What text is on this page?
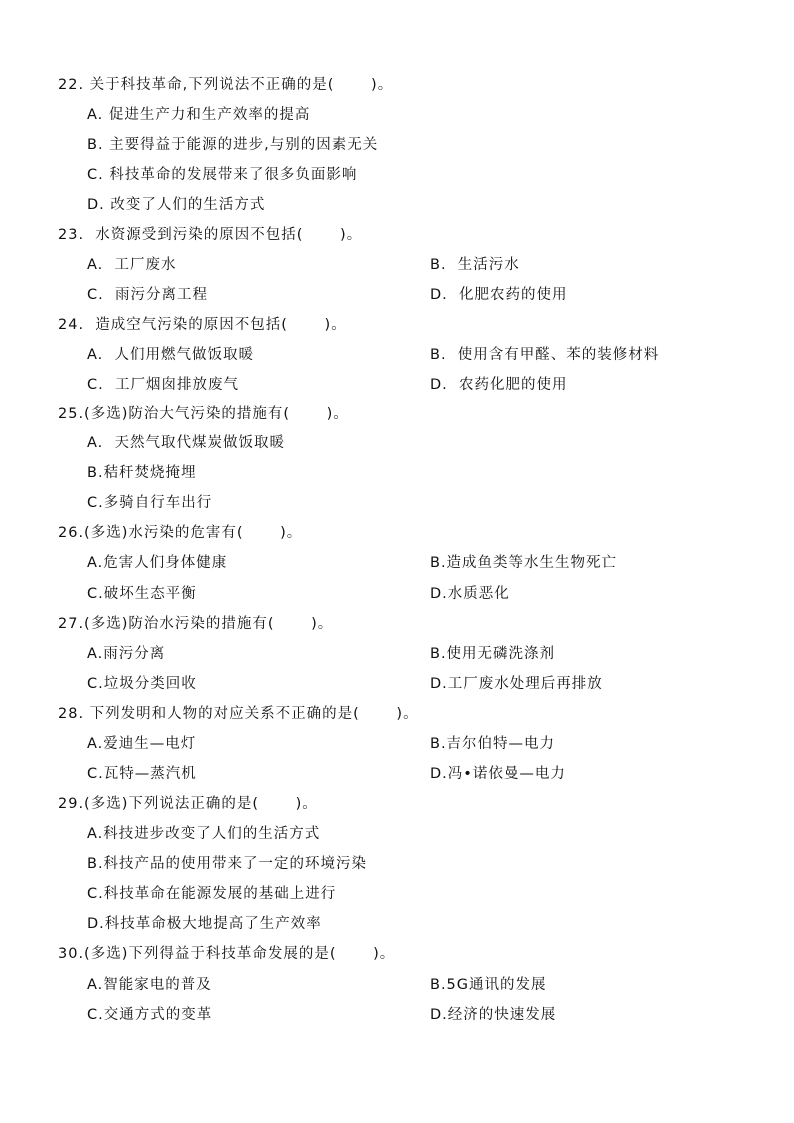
22. 关于科技革命,下列说法不正确的是(　　 )。
A. 促进生产力和生产效率的提高
B. 主要得益于能源的进步,与别的因素无关
C. 科技革命的发展带来了很多负面影响
D. 改变了人们的生活方式
23.  水资源受到污染的原因不包括(　　 )。
A.  工厂废水	B.  生活污水
C.  雨污分离工程	D.  化肥农药的使用
24.  造成空气污染的原因不包括(　　 )。
A.  人们用燃气做饭取暖	B.  使用含有甲醛、苯的装修材料
C.  工厂烟囱排放废气	D.  农药化肥的使用
25.(多选)防治大气污染的措施有(　　 )。
A.  天然气取代煤炭做饭取暖
B.秸秆焚烧掩埋
C.多骑自行车出行
26.(多选)水污染的危害有(　　 )。
A.危害人们身体健康	B.造成鱼类等水生生物死亡
C.破坏生态平衡	D.水质恶化
27.(多选)防治水污染的措施有(　　 )。
A.雨污分离	B.使用无磷洗涤剂
C.垃圾分类回收	D.工厂废水处理后再排放
28. 下列发明和人物的对应关系不正确的是(　　 )。
A.爱迪生—电灯	B.吉尔伯特—电力
C.瓦特—蒸汽机	D.冯•诺依曼—电力
29.(多选)下列说法正确的是(　　 )。
A.科技进步改变了人们的生活方式
B.科技产品的使用带来了一定的环境污染
C.科技革命在能源发展的基础上进行
D.科技革命极大地提高了生产效率
30.(多选)下列得益于科技革命发展的是(　　 )。
A.智能家电的普及	B.5G通讯的发展
C.交通方式的变革	D.经济的快速发展
